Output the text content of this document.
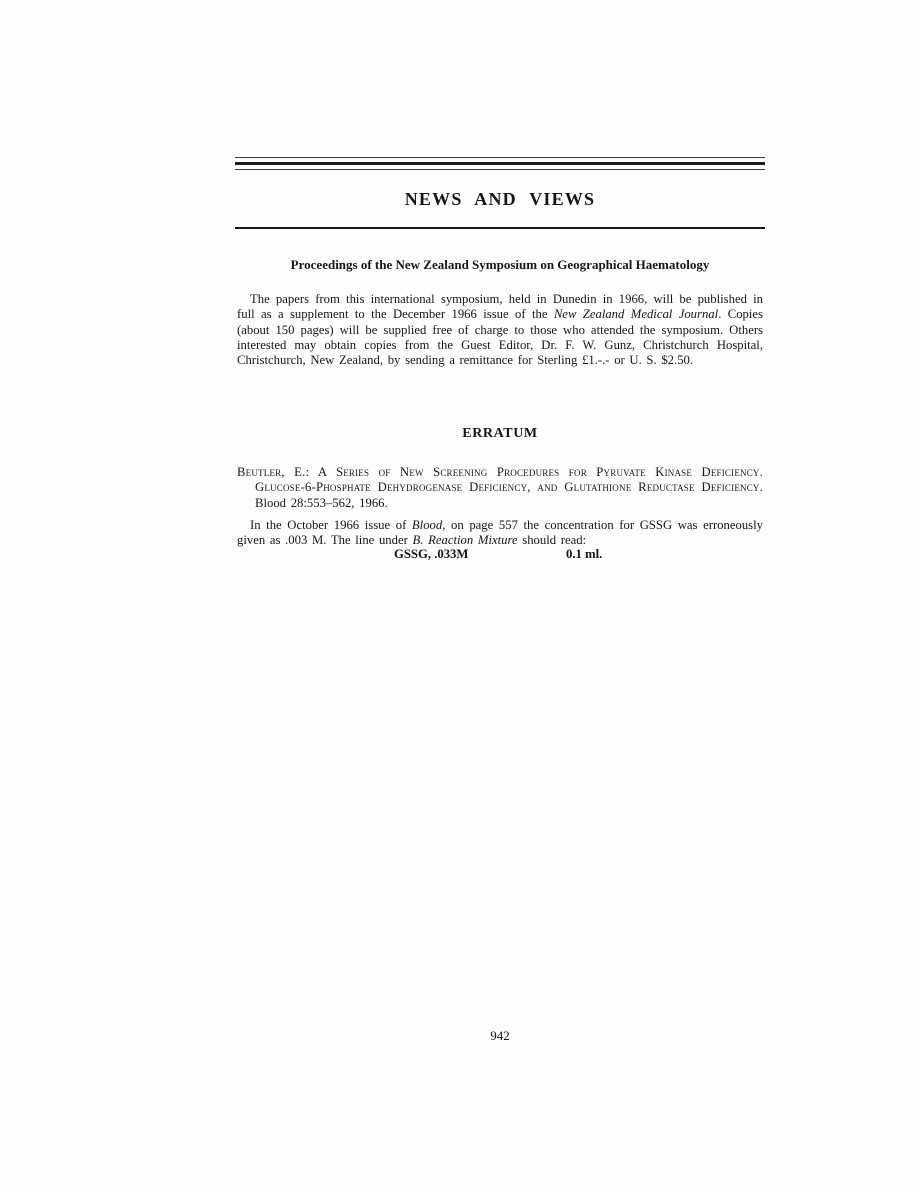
NEWS AND VIEWS
Proceedings of the New Zealand Symposium on Geographical Haematology

The papers from this international symposium, held in Dunedin in 1966, will be published in full as a supplement to the December 1966 issue of the New Zealand Medical Journal. Copies (about 150 pages) will be supplied free of charge to those who attended the symposium. Others interested may obtain copies from the Guest Editor, Dr. F. W. Gunz, Christchurch Hospital, Christchurch, New Zealand, by sending a remittance for Sterling £1.-.- or U. S. $2.50.

ERRATUM

Beutler, E.: A Series of New Screening Procedures for Pyruvate Kinase Deficiency. Glucose-6-Phosphate Dehydrogenase Deficiency, and Glutathione Reductase Deficiency. Blood 28:553–562, 1966.

In the October 1966 issue of Blood, on page 557 the concentration for GSSG was erroneously given as .003 M. The line under B. Reaction Mixture should read:

GSSG, .033M	0.1 ml.
942
